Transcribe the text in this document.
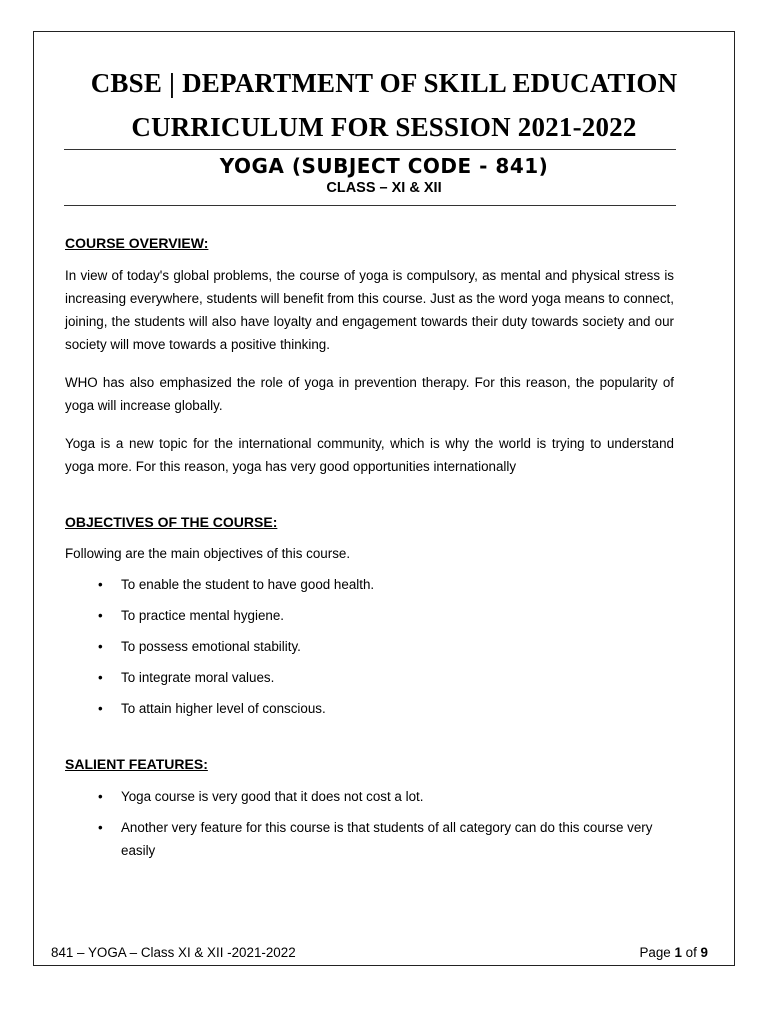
CBSE | DEPARTMENT OF SKILL EDUCATION
CURRICULUM FOR SESSION 2021-2022
YOGA (SUBJECT CODE - 841)
CLASS – XI & XII
COURSE OVERVIEW:
In view of today's global problems, the course of yoga is compulsory, as mental and physical stress is increasing everywhere, students will benefit from this course. Just as the word yoga means to connect, joining, the students will also have loyalty and engagement towards their duty towards society and our society will move towards a positive thinking.
WHO has also emphasized the role of yoga in prevention therapy. For this reason, the popularity of yoga will increase globally.
Yoga is a new topic for the international community, which is why the world is trying to understand yoga more. For this reason, yoga has very good opportunities internationally
OBJECTIVES OF THE COURSE:
Following are the main objectives of this course.
• To enable the student to have good health.
• To practice mental hygiene.
• To possess emotional stability.
• To integrate moral values.
• To attain higher level of conscious.
SALIENT FEATURES:
• Yoga course is very good that it does not cost a lot.
• Another very feature for this course is that students of all category can do this course very easily
841 – YOGA – Class XI & XII -2021-2022	Page 1 of 9
